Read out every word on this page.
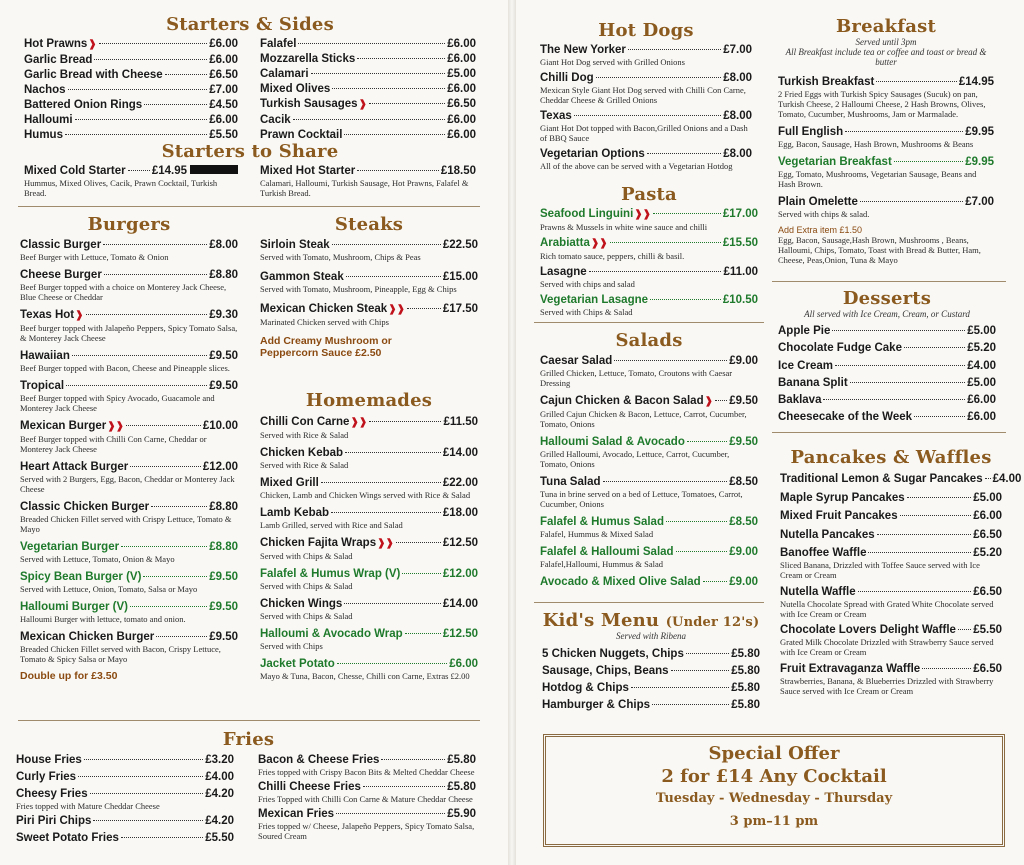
Starters & Sides
Hot Prawns ❱	£6.00
Garlic Bread	£6.00
Garlic Bread with Cheese	£6.50
Nachos	£7.00
Battered Onion Rings	£4.50
Halloumi	£6.00
Humus	£5.50
Falafel	£6.00
Mozzarella Sticks	£6.00
Calamari	£5.00
Mixed Olives	£6.00
Turkish Sausages ❱	£6.50
Cacik	£6.00
Prawn Cocktail	£6.00
Starters to Share
Mixed Cold Starter £14.95
Hummus, Mixed Olives, Cacik, Prawn Cocktail, Turkish Bread.
Mixed Hot Starter	£18.50
Calamari, Halloumi, Turkish Sausage, Hot Prawns, Falafel & Turkish Bread.
Burgers
Classic Burger	£8.00
Beef Burger with Lettuce, Tomato & Onion
Cheese Burger	£8.80
Beef Burger topped with a choice on Monterey Jack Cheese, Blue Cheese or Cheddar
Texas Hot ❱	£9.30
Beef burger topped with Jalapeño Peppers, Spicy Tomato Salsa, & Monterey Jack Cheese
Hawaiian	£9.50
Beef Burger topped with Bacon, Cheese and Pineapple slices.
Tropical	£9.50
Beef Burger topped with Spicy Avocado, Guacamole and Monterey Jack Cheese
Mexican Burger ❱❱	£10.00
Beef Burger topped with Chilli Con Carne, Cheddar or Monterey Jack Cheese
Heart Attack Burger	£12.00
Served with 2 Burgers, Egg, Bacon, Cheddar or Monterey Jack Cheese
Classic Chicken Burger	£8.80
Breaded Chicken Fillet served with Crispy Lettuce, Tomato & Mayo
Vegetarian Burger	£8.80
Served with Lettuce, Tomato, Onion & Mayo
Spicy Bean Burger (V)	£9.50
Served with Lettuce, Onion, Tomato, Salsa or Mayo
Halloumi Burger (V)	£9.50
Halloumi Burger with lettuce, tomato and onion.
Mexican Chicken Burger	£9.50
Breaded Chicken Fillet served with Bacon, Crispy Lettuce, Tomato & Spicy Salsa or Mayo
Double up for £3.50
Steaks
Sirloin Steak	£22.50
Served with Tomato, Mushroom, Chips & Peas
Gammon Steak	£15.00
Served with Tomato, Mushroom, Pineapple, Egg & Chips
Mexican Chicken Steak ❱❱	£17.50
Marinated Chicken served with Chips
Add Creamy Mushroom or Peppercorn Sauce £2.50
Homemades
Chilli Con Carne ❱❱	£11.50
Served with Rice & Salad
Chicken Kebab	£14.00
Served with Rice & Salad
Mixed Grill	£22.00
Chicken, Lamb and Chicken Wings served with Rice & Salad
Lamb Kebab	£18.00
Lamb Grilled, served with Rice and Salad
Chicken Fajita Wraps ❱❱	£12.50
Served with Chips & Salad
Falafel & Humus Wrap (V)	£12.00
Served with Chips & Salad
Chicken Wings	£14.00
Served with Chips & Salad
Halloumi & Avocado Wrap	£12.50
Served with Chips
Jacket Potato	£6.00
Mayo & Tuna, Bacon, Chesse, Chilli con Carne, Extras £2.00
Fries
House Fries	£3.20
Curly Fries	£4.00
Cheesy Fries	£4.20
Fries topped with Mature Cheddar Cheese
Piri Piri Chips	£4.20
Sweet Potato Fries	£5.50
Bacon & Cheese Fries	£5.80
Fries topped with Crispy Bacon Bits & Melted Cheddar Cheese
Chilli Cheese Fries	£5.80
Fries Topped with Chilli Con Carne & Mature Cheddar Cheese
Mexican Fries	£5.90
Fries topped w/ Cheese, Jalapeño Peppers, Spicy Tomato Salsa, Soured Cream
Hot Dogs
The New Yorker	£7.00
Giant Hot Dog served with Grilled Onions
Chilli Dog	£8.00
Mexican Style Giant Hot Dog served with Chilli Con Carne, Cheddar Cheese & Grilled Onions
Texas	£8.00
Giant Hot Dot topped with Bacon,Grilled Onions and a Dash of BBQ Sauce
Vegetarian Options	£8.00
All of the above can be served with a Vegetarian Hotdog
Pasta
Seafood Linguini ❱❱	£17.00
Prawns & Mussels in white wine sauce and chilli
Arabiatta ❱❱	£15.50
Rich tomato sauce, peppers, chilli & basil.
Lasagne	£11.00
Served with chips and salad
Vegetarian Lasagne	£10.50
Served with Chips & Salad
Salads
Caesar Salad	£9.00
Grilled Chicken, Lettuce, Tomato, Croutons with Caesar Dressing
Cajun Chicken & Bacon Salad ❱ £9.50
Grilled Cajun Chicken & Bacon, Lettuce, Carrot, Cucumber, Tomato, Onions
Halloumi Salad & Avocado	£9.50
Grilled Halloumi, Avocado, Lettuce, Carrot, Cucumber, Tomato, Onions
Tuna Salad	£8.50
Tuna in brine served on a bed of Lettuce, Tomatoes, Carrot, Cucumber, Onions
Falafel & Humus Salad	£8.50
Falafel, Hummus & Mixed Salad
Falafel & Halloumi Salad	£9.00
Falafel,Halloumi, Hummus & Salad
Avocado & Mixed Olive Salad £9.00
Kid's Menu (Under 12's)
Served with Ribena
5 Chicken Nuggets, Chips	£5.80
Sausage, Chips, Beans	£5.80
Hotdog & Chips	£5.80
Hamburger & Chips	£5.80
Breakfast
Served until 3pm
All Breakfast include tea or coffee and toast or bread & butter
Turkish Breakfast	£14.95
2 Fried Eggs with Turkish Spicy Sausages (Sucuk) on pan, Turkish Cheese, 2 Halloumi Cheese, 2 Hash Browns, Olives, Tomato, Cucumber, Mushrooms, Jam or Marmalade.
Full English	£9.95
Egg, Bacon, Sausage, Hash Brown, Mushrooms & Beans
Vegetarian Breakfast	£9.95
Egg, Tomato, Mushrooms, Vegetarian Sausage, Beans and Hash Brown.
Plain Omelette	£7.00
Served with chips & salad.
Add Extra item £1.50
Egg, Bacon, Sausage,Hash Brown, Mushrooms , Beans, Halloumi, Chips, Tomato, Toast with Bread & Butter, Ham, Cheese, Peas,Onion, Tuna & Mayo
Desserts
All served with Ice Cream, Cream, or Custard
Apple Pie	£5.00
Chocolate Fudge Cake	£5.20
Ice Cream	£4.00
Banana Split	£5.00
Baklava	£6.00
Cheesecake of the Week	£6.00
Pancakes & Waffles
Traditional Lemon & Sugar Pancakes £4.00
Maple Syrup Pancakes	£5.00
Mixed Fruit Pancakes	£6.00
Nutella Pancakes	£6.50
Banoffee Waffle	£5.20
Sliced Banana, Drizzled with Toffee Sauce served with Ice Cream or Cream
Nutella Waffle	£6.50
Nutella Chocolate Spread with Grated White Chocolate served with Ice Cream or Cream
Chocolate Lovers Delight Waffle £5.50
Grated Milk Chocolate Drizzled with Strawberry Sauce served with Ice Cream or Cream
Fruit Extravaganza Waffle	£6.50
Strawberries, Banana, & Blueberries Drizzled with Strawberry Sauce served with Ice Cream or Cream
Special Offer
2 for £14 Any Cocktail
Tuesday - Wednesday - Thursday
3 pm–11 pm
